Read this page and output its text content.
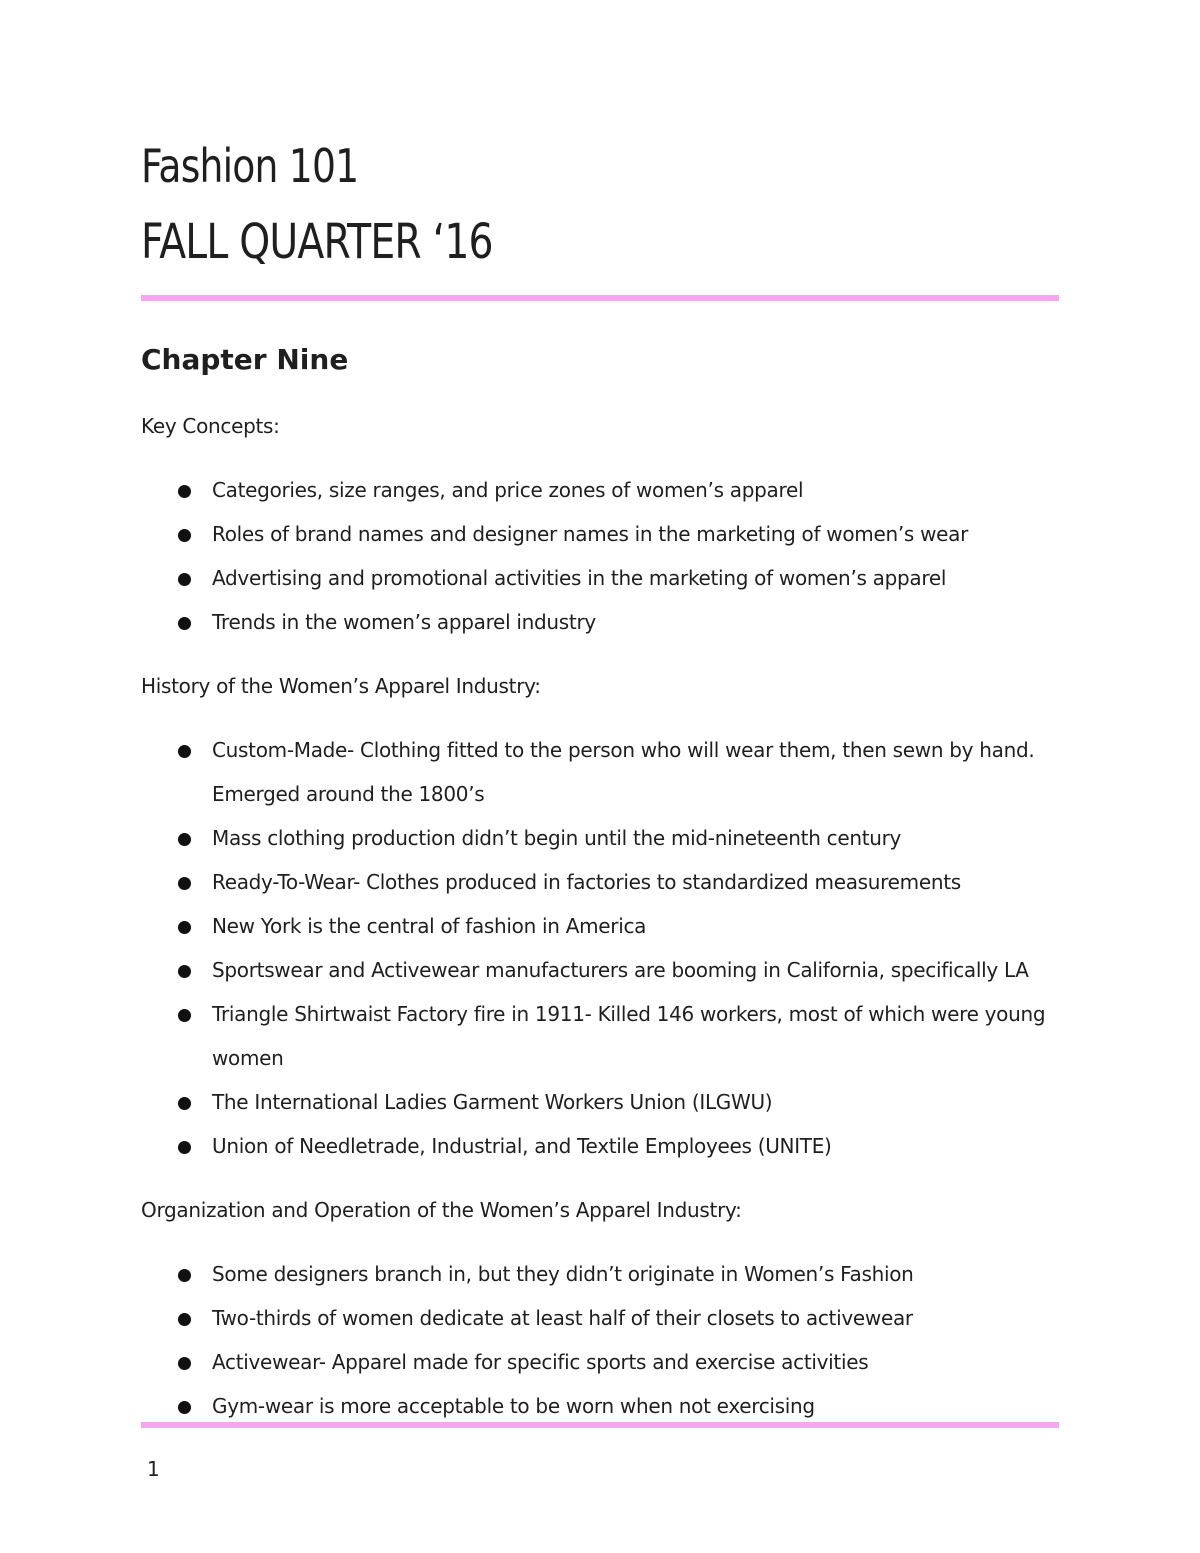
Fashion 101
FALL QUARTER ‘16
Chapter Nine

Key Concepts:

Categories, size ranges, and price zones of women’s apparel
Roles of brand names and designer names in the marketing of women’s wear
Advertising and promotional activities in the marketing of women’s apparel
Trends in the women’s apparel industry

History of the Women’s Apparel Industry:

Custom-Made- Clothing fitted to the person who will wear them, then sewn by hand. Emerged around the 1800’s
Mass clothing production didn’t begin until the mid-nineteenth century
Ready-To-Wear- Clothes produced in factories to standardized measurements
New York is the central of fashion in America
Sportswear and Activewear manufacturers are booming in California, specifically LA
Triangle Shirtwaist Factory fire in 1911- Killed 146 workers, most of which were young women
The International Ladies Garment Workers Union (ILGWU)
Union of Needletrade, Industrial, and Textile Employees (UNITE)

Organization and Operation of the Women’s Apparel Industry:

Some designers branch in, but they didn’t originate in Women’s Fashion
Two-thirds of women dedicate at least half of their closets to activewear
Activewear- Apparel made for specific sports and exercise activities
Gym-wear is more acceptable to be worn when not exercising
1
